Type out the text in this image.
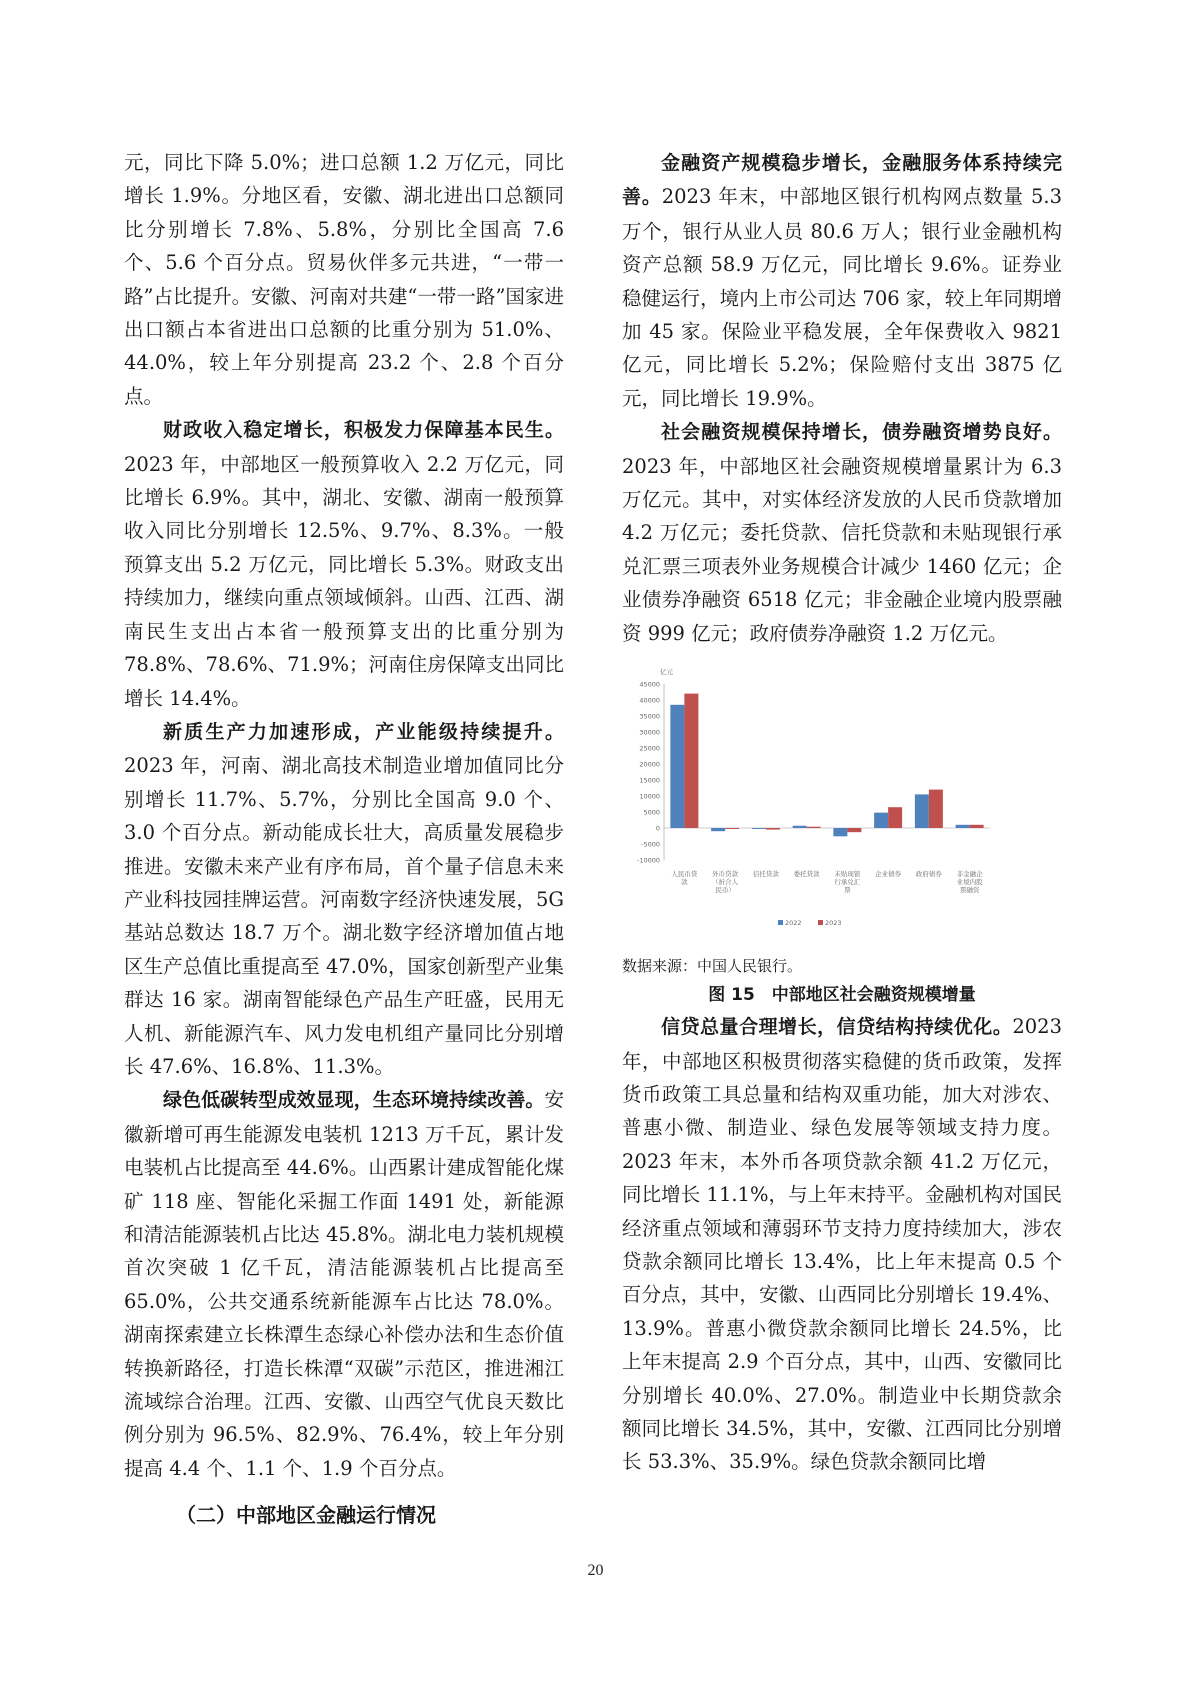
元，同比下降 5.0%；进口总额 1.2 万亿元，同比增长 1.9%。分地区看，安徽、湖北进出口总额同比分别增长 7.8%、5.8%，分别比全国高 7.6 个、5.6 个百分点。贸易伙伴多元共进，“一带一路”占比提升。安徽、河南对共建“一带一路”国家进出口额占本省进出口总额的比重分别为 51.0%、44.0%，较上年分别提高 23.2 个、2.8 个百分点。

财政收入稳定增长，积极发力保障基本民生。2023 年，中部地区一般预算收入 2.2 万亿元，同比增长 6.9%。其中，湖北、安徽、湖南一般预算收入同比分别增长 12.5%、9.7%、8.3%。一般预算支出 5.2 万亿元，同比增长 5.3%。财政支出持续加力，继续向重点领域倾斜。山西、江西、湖南民生支出占本省一般预算支出的比重分别为 78.8%、78.6%、71.9%；河南住房保障支出同比增长 14.4%。

新质生产力加速形成，产业能级持续提升。2023 年，河南、湖北高技术制造业增加值同比分别增长 11.7%、5.7%，分别比全国高 9.0 个、3.0 个百分点。新动能成长壮大，高质量发展稳步推进。安徽未来产业有序布局，首个量子信息未来产业科技园挂牌运营。河南数字经济快速发展，5G 基站总数达 18.7 万个。湖北数字经济增加值占地区生产总值比重提高至 47.0%，国家创新型产业集群达 16 家。湖南智能绿色产品生产旺盛，民用无人机、新能源汽车、风力发电机组产量同比分别增长 47.6%、16.8%、11.3%。

绿色低碳转型成效显现，生态环境持续改善。安徽新增可再生能源发电装机 1213 万千瓦，累计发电装机占比提高至 44.6%。山西累计建成智能化煤矿 118 座、智能化采掘工作面 1491 处，新能源和清洁能源装机占比达 45.8%。湖北电力装机规模首次突破 1 亿千瓦，清洁能源装机占比提高至 65.0%，公共交通系统新能源车占比达 78.0%。湖南探索建立长株潭生态绿心补偿办法和生态价值转换新路径，打造长株潭“双碳”示范区，推进湘江流域综合治理。江西、安徽、山西空气优良天数比例分别为 96.5%、82.9%、76.4%，较上年分别提高 4.4 个、1.1 个、1.9 个百分点。

（二）中部地区金融运行情况

金融资产规模稳步增长，金融服务体系持续完善。2023 年末，中部地区银行机构网点数量 5.3 万个，银行从业人员 80.6 万人；银行业金融机构资产总额 58.9 万亿元，同比增长 9.6%。证券业稳健运行，境内上市公司达 706 家，较上年同期增加 45 家。保险业平稳发展，全年保费收入 9821 亿元，同比增长 5.2%；保险赔付支出 3875 亿元，同比增长 19.9%。

社会融资规模保持增长，债券融资增势良好。2023 年，中部地区社会融资规模增量累计为 6.3 万亿元。其中，对实体经济发放的人民币贷款增加 4.2 万亿元；委托贷款、信托贷款和未贴现银行承兑汇票三项表外业务规模合计减少 1460 亿元；企业债券净融资 6518 亿元；非金融企业境内股票融资 999 亿元；政府债券净融资 1.2 万亿元。

亿元
-10000
-5000
0
5000
10000
15000
20000
25000
30000
35000
40000
45000
人民币贷款
外币贷款（折合人民币）
信托贷款 委托贷款 未贴现银行承兑汇票
企业债券 政府债券 非金融企业境内股票融资
2022	2023

数据来源：中国人民银行。

图 15　中部地区社会融资规模增量

信贷总量合理增长，信贷结构持续优化。2023 年，中部地区积极贯彻落实稳健的货币政策，发挥货币政策工具总量和结构双重功能，加大对涉农、普惠小微、制造业、绿色发展等领域支持力度。2023 年末，本外币各项贷款余额 41.2 万亿元，同比增长 11.1%，与上年末持平。金融机构对国民经济重点领域和薄弱环节支持力度持续加大，涉农贷款余额同比增长 13.4%，比上年末提高 0.5 个百分点，其中，安徽、山西同比分别增长 19.4%、13.9%。普惠小微贷款余额同比增长 24.5%，比上年末提高 2.9 个百分点，其中，山西、安徽同比分别增长 40.0%、27.0%。制造业中长期贷款余额同比增长 34.5%，其中，安徽、江西同比分别增长 53.3%、35.9%。绿色贷款余额同比增

20
